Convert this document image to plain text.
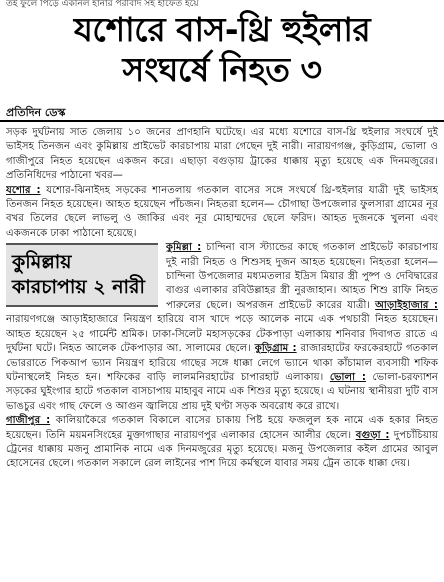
তই ফুলে পিড়ে একনিল হানার পরীবাদ সহ হাফেত হয়ে
যশোরে বাস-থ্রি হুইলার
সংঘর্ষে নিহত ৩
প্রতিদিন ডেস্ক

সড়ক দুর্ঘটনায় সাত জেলায় ১০ জনের প্রাণহানি ঘটেছে। এর মধ্যে যশোরে বাস-থ্রি হুইলার সংঘর্ষে দুই ভাইসহ তিনজন এবং কুমিল্লায় প্রাইভেট কারচাপায় মারা গেছেন দুই নারী। নারায়ণগঞ্জ, কুড়িগ্রাম, ভোলা ও গাজীপুরে নিহত হয়েছেন একজন করে। এছাড়া বগুড়ায় ট্রাকের ধাক্কায় মৃত্যু হয়েছে এক দিনমজুরের। প্রতিনিধিদের পাঠানো খবর—

যশোর : যশোর-ঝিনাইদহ সড়কের শানতলায় গতকাল বাসের সঙ্গে সংঘর্ষে থ্রি-হুইলার যাত্রী দুই ভাইসহ তিনজন নিহত হয়েছেন। আহত হয়েছেন পাঁচজন। নিহতরা হলেন— চৌগাছা উপজেলার ফুলসারা গ্রামের নূর বখর তিলের ছেলে লাভলু ও জাকির এবং নূর মোহাম্মদের ছেলে ফরিদ। আহত দুজনকে খুলনা এবং একজনকে ঢাকা পাঠানো হয়েছে।

কুমিল্লায়
কারচাপায় ২ নারী

কুমিল্লা : চান্দিনা বাস স্ট্যান্ডের কাছে গতকাল প্রাইভেট কারচাপায় দুই নারী নিহত ও শিশুসহ দুজন আহত হয়েছেন। নিহতরা হলেন— চান্দিনা উপজেলার মধ্যমতলার ইদ্রিস মিয়ার স্ত্রী পুষ্প ও দেবিদ্বারের বাগুর এলাকার রবিউল্লাহর স্ত্রী নুরজাহান। আহত শিশু রাফি নিহত পারুলের ছেলে। অপরজন প্রাইভেট কারের যাত্রী। আড়াইহাজার : নারায়ণগঞ্জে আড়াইহাজারে নিয়ন্ত্রণ হারিয়ে বাস খাদে পড়ে আলেক নামে এক পথচারী নিহত হয়েছেন। আহত হয়েছেন ২৫ গার্মেন্ট শ্রমিক। ঢাকা-সিলেট মহাসড়কের টেকপাড়া এলাকায় শনিবার দিবাগত রাতে এ দুর্ঘটনা ঘটে। নিহত আলেক টেকপাড়ার আ. সালামের ছেলে। কুড়িগ্রাম : রাজারহাটের ফরকেরহাটে গতকাল ভোররাতে পিকআপ ভ্যান নিয়ন্ত্রণ হারিয়ে গাছের সঙ্গে ধাক্কা লেগে ভ্যানে থাকা কাঁচামাল ব্যবসায়ী শফিক ঘটনাস্থলেই নিহত হন। শফিকের বাড়ি লালমনিরহাটের চাপারহাট এলাকায়। ভোলা : ভোলা-চরফ্যাশন সড়কের ঘুইংগার হাটে গতকাল বাসচাপায় মাহাবুব নামে এক শিশুর মৃত্যু হয়েছে। এ ঘটনায় স্থানীয়রা দুটি বাস ভাঙচুর এবং গাছ ফেলে ও আগুন জ্বালিয়ে প্রায় দুই ঘণ্টা সড়ক অবরোধ করে রাখে।

গাজীপুর : কালিয়াকৈরে গতকাল বিকালে বাসের চাকায় পিষ্ট হয়ে ফজলুল হক নামে এক হকার নিহত হয়েছেন। তিনি ময়মনসিংহের মুক্তাগাছার নারায়ণপুর এলাকার হোসেন আলীর ছেলে। বগুড়া : দুপচাঁচিয়ায় ট্রেনের ধাক্কায় মজনু প্রামানিক নামে এক দিনমজুরের মৃত্যু হয়েছে। মজনু উপজেলার কইল গ্রামের আবুল হোসেনের ছেলে। গতকাল সকালে রেল লাইনের পাশ দিয়ে কর্মস্থলে যাবার সময় ট্রেন তাকে ধাক্কা দেয়।
